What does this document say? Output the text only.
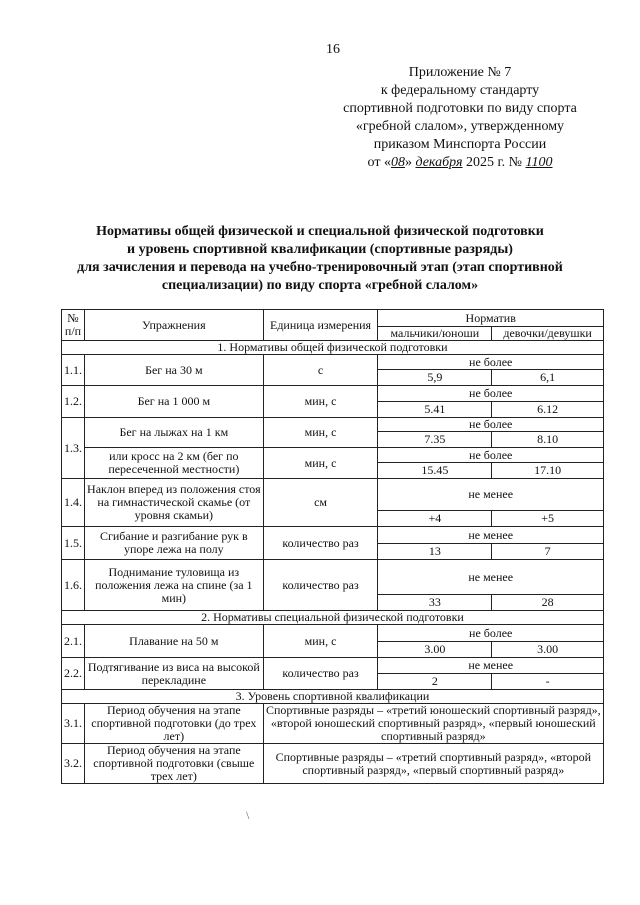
16
Приложение № 7
к федеральному стандарту
спортивной подготовки по виду спорта
«гребной слалом», утвержденному
приказом Минспорта России
от «08» декабря 2025 г. № 1100
Нормативы общей физической и специальной физической подготовки
и уровень спортивной квалификации (спортивные разряды)
для зачисления и перевода на учебно-тренировочный этап (этап спортивной
специализации) по виду спорта «гребной слалом»
№ п/п	Упражнения	Единица измерения	Норматив	
			мальчики/юноши	девочки/девушки
1. Нормативы общей физической подготовки				
1.1.	Бег на 30 м	с	не более	
			5,9	6,1
1.2.	Бег на 1 000 м	мин, с	не более	
			5.41	6.12
1.3.	Бег на лыжах на 1 км	мин, с	не более	
			7.35	8.10
	или кросс на 2 км (бег по пересеченной местности)	мин, с	не более	
			15.45	17.10
1.4.	Наклон вперед из положения стоя на гимнастической скамье (от уровня скамьи)	см	не менее	
			+4	+5
1.5.	Сгибание и разгибание рук в упоре лежа на полу	количество раз	не менее	
			13	7
1.6.	Поднимание туловища из положения лежа на спине (за 1 мин)	количество раз	не менее	
			33	28
2. Нормативы специальной физической подготовки				
2.1.	Плавание на 50 м	мин, с	не более	
			3.00	3.00
2.2.	Подтягивание из виса на высокой перекладине	количество раз	не менее	
			2	-
3. Уровень спортивной квалификации				
3.1.	Период обучения на этапе спортивной подготовки (до трех лет)	Спортивные разряды – «третий юношеский спортивный разряд», «второй юношеский спортивный разряд», «первый юношеский спортивный разряд»		
3.2.	Период обучения на этапе спортивной подготовки (свыше трех лет)	Спортивные разряды – «третий спортивный разряд», «второй спортивный разряд», «первый спортивный разряд»		
\
